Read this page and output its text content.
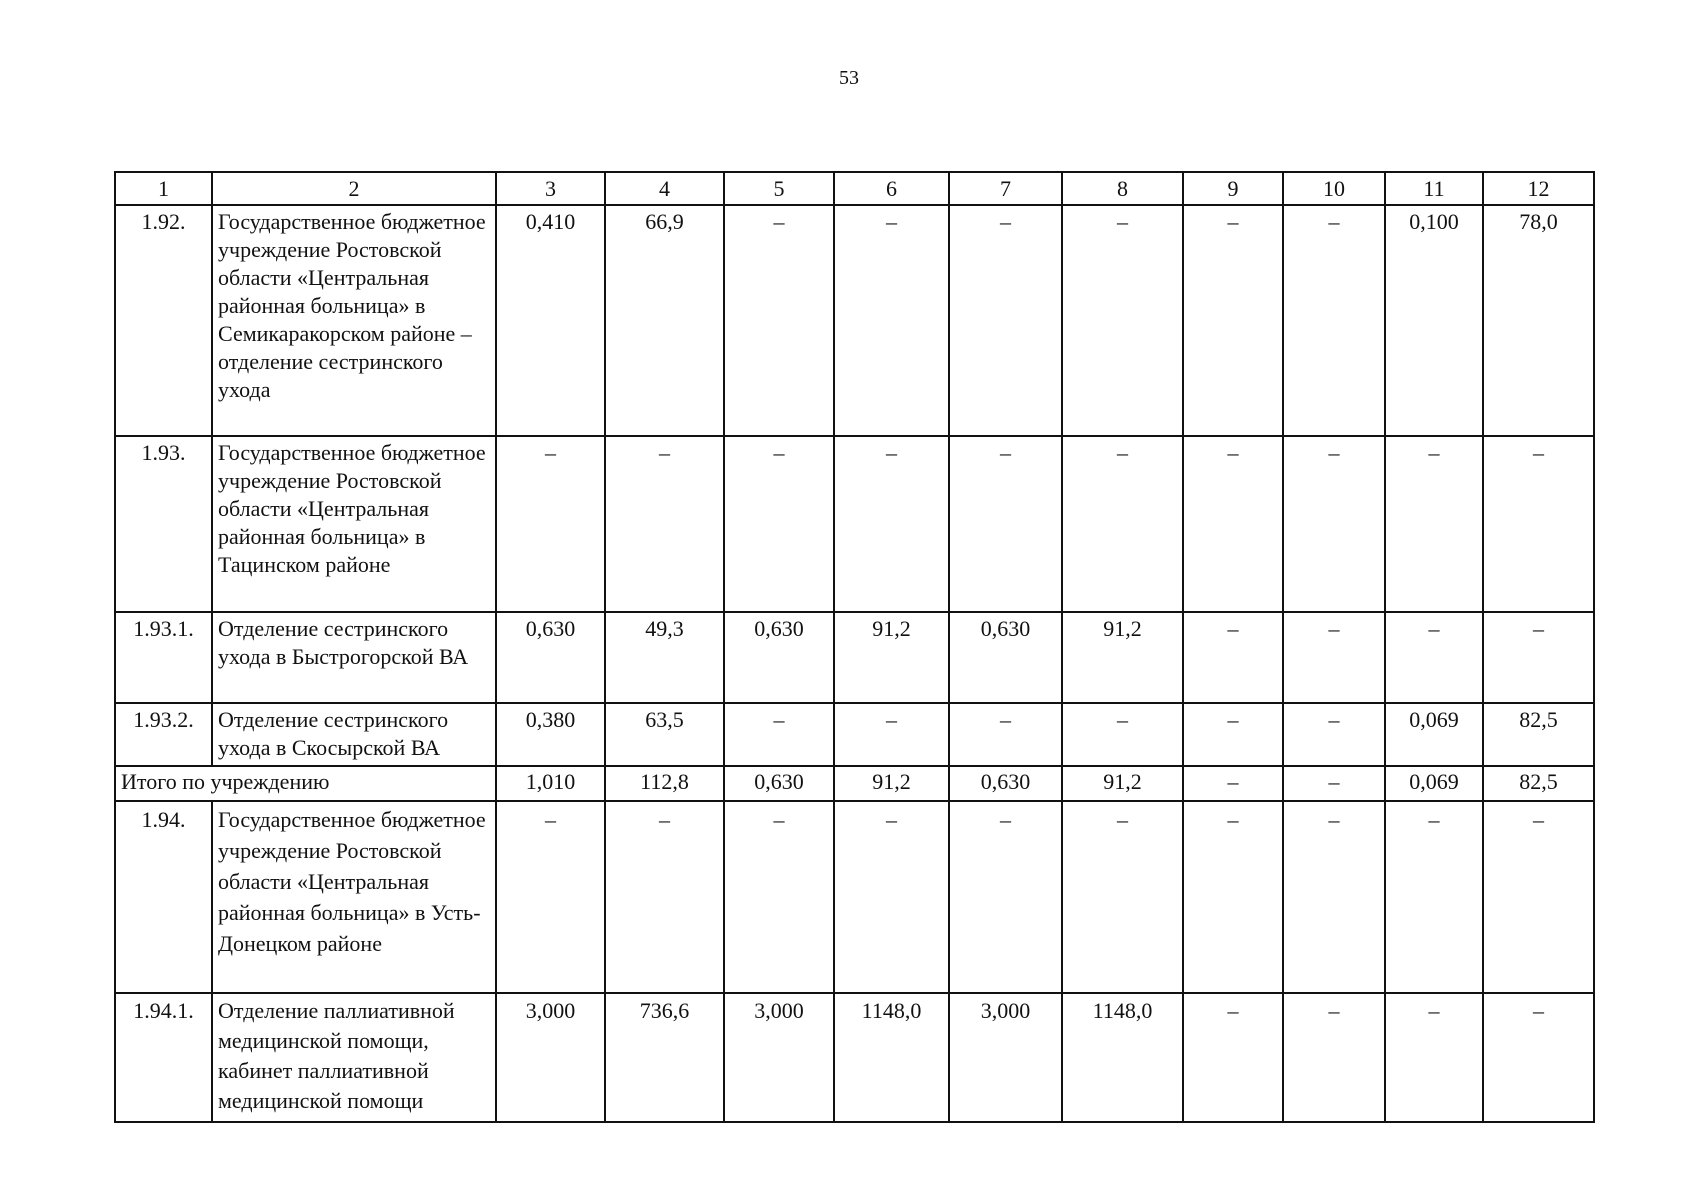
53
1	2	3	4	5	6	7	8	9	10	11	12
1.92.	Государственное бюджетное учреждение Ростовской области «Центральная районная больница» в Семикаракорском районе – отделение сестринского ухода	0,410	66,9	–	–	–	–	–	–	0,100	78,0
1.93.	Государственное бюджетное учреждение Ростовской области «Центральная районная больница» в Тацинском районе	–	–	–	–	–	–	–	–	–	–
1.93.1.	Отделение сестринского ухода в Быстрогорской ВА	0,630	49,3	0,630	91,2	0,630	91,2	–	–	–	–
1.93.2.	Отделение сестринского ухода в Скосырской ВА	0,380	63,5	–	–	–	–	–	–	0,069	82,5
Итого по учреждению		1,010	112,8	0,630	91,2	0,630	91,2	–	–	0,069	82,5
1.94.	Государственное бюджетное учреждение Ростовской области «Центральная районная больница» в Усть-Донецком районе	–	–	–	–	–	–	–	–	–	–
1.94.1.	Отделение паллиативной медицинской помощи, кабинет паллиативной медицинской помощи	3,000	736,6	3,000	1148,0	3,000	1148,0	–	–	–	–
